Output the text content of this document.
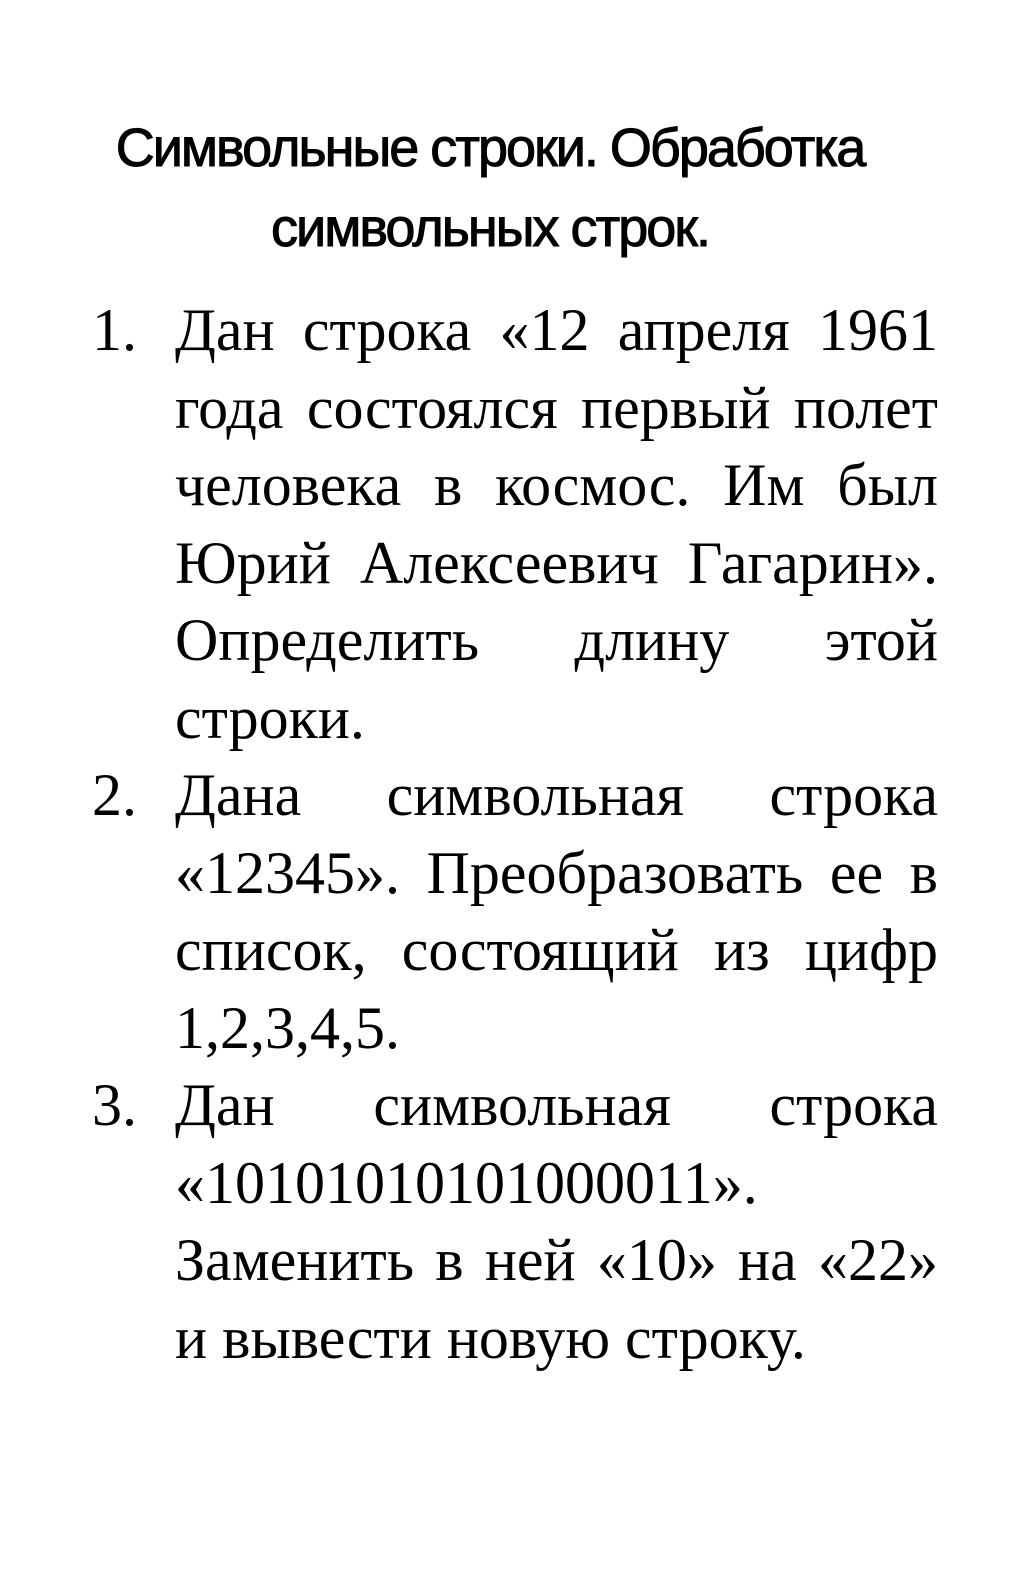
Символьные строки. Обработка символьных строк.
1. Дан строка «12 апреля 1961 года состоялся первый полет человека в космос. Им был Юрий Алексеевич Гагарин». Определить длину этой строки.
2. Дана символьная строка «12345». Преобразовать ее в список, состоящий из цифр 1,2,3,4,5.
3. Дан символьная строка «10101010101000011». Заменить в ней «10» на «22» и вывести новую строку.
